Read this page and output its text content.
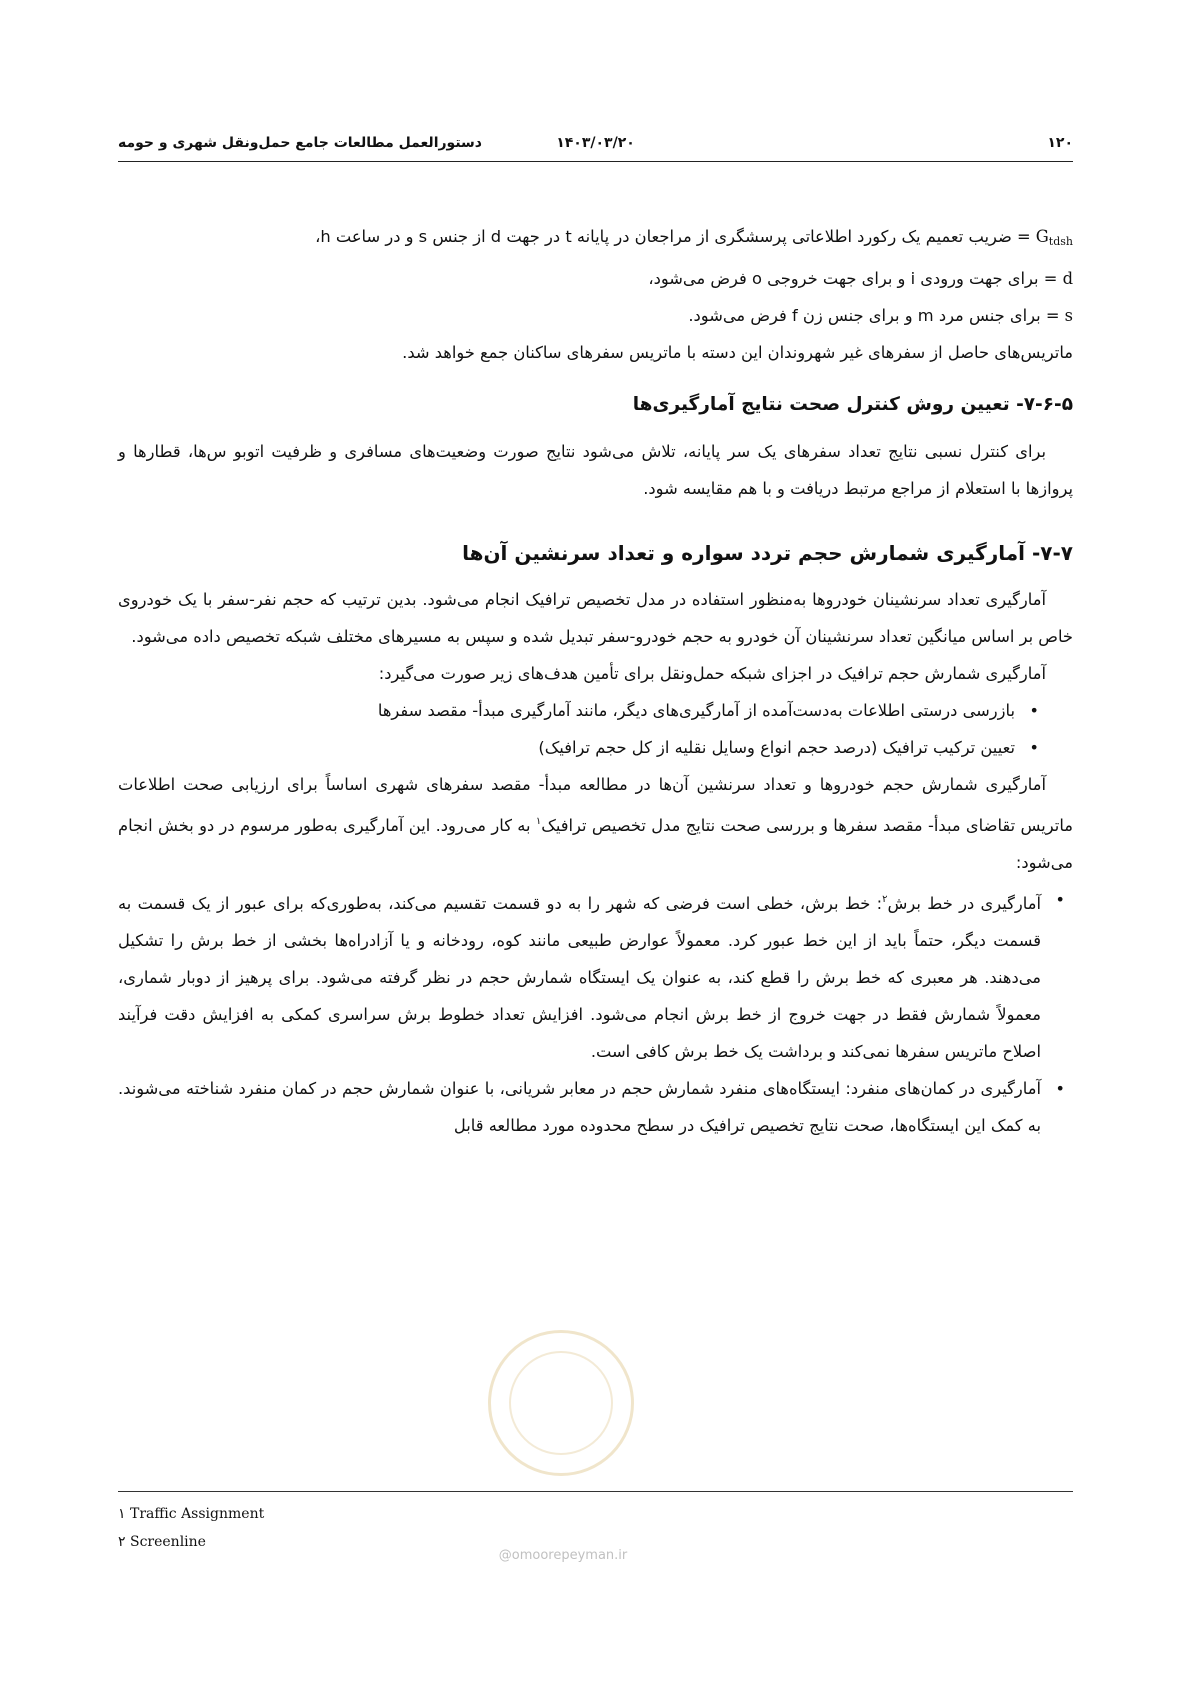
۱۲۰
۱۴۰۳/۰۳/۲۰
دستورالعمل مطالعات جامع حمل‌ونقل شهری و حومه

$G_{tdsh}$ = ضریب تعمیم یک رکورد اطلاعاتی پرسشگری از مراجعان در پایانه t در جهت d از جنس s و در ساعت h،

d = برای جهت ورودی i و برای جهت خروجی o فرض می‌شود،

s = برای جنس مرد m و برای جنس زن f فرض می‌شود.

ماتریس‌های حاصل از سفرهای غیر شهروندان این دسته با ماتریس سفرهای ساکنان جمع خواهد شد.

۷-۶-۵- تعیین روش کنترل صحت نتایج آمارگیری‌ها

برای کنترل نسبی نتایج تعداد سفرهای یک سر پایانه، تلاش می‌شود نتایج صورت وضعیت‌های مسافری و ظرفیت اتوبو س‌ها، قطارها و پروازها با استعلام از مراجع مرتبط دریافت و با هم مقایسه شود.

۷-۷- آمارگیری شمارش حجم تردد سواره و تعداد سرنشین آن‌ها

آمارگیری تعداد سرنشینان خودروها به‌منظور استفاده در مدل تخصیص ترافیک انجام می‌شود. بدین ترتیب که حجم نفر-سفر با یک خودروی خاص بر اساس میانگین تعداد سرنشینان آن خودرو به حجم خودرو-سفر تبدیل شده و سپس به مسیرهای مختلف شبکه تخصیص داده می‌شود.

آمارگیری شمارش حجم ترافیک در اجزای شبکه حمل‌ونقل برای تأمین هدف‌های زیر صورت می‌گیرد:

• بازرسی درستی اطلاعات به‌دست‌آمده از آمارگیری‌های دیگر، مانند آمارگیری مبدأ- مقصد سفرها
• تعیین ترکیب ترافیک (درصد حجم انواع وسایل نقلیه از کل حجم ترافیک)

آمارگیری شمارش حجم خودروها و تعداد سرنشین آن‌ها در مطالعه مبدأ- مقصد سفرهای شهری اساساً برای ارزیابی صحت اطلاعات ماتریس تقاضای مبدأ- مقصد سفرها و بررسی صحت نتایج مدل تخصیص ترافیک$^۱$ به کار می‌رود. این آمارگیری به‌طور مرسوم در دو بخش انجام می‌شود:

• آمارگیری در خط برش$^۲$: خط برش، خطی است فرضی که شهر را به دو قسمت تقسیم می‌کند، به‌طوری‌که برای عبور از یک قسمت به قسمت دیگر، حتماً باید از این خط عبور کرد. معمولاً عوارض طبیعی مانند کوه، رودخانه و یا آزادراه‌ها بخشی از خط برش را تشکیل می‌دهند. هر معبری که خط برش را قطع کند، به عنوان یک ایستگاه شمارش حجم در نظر گرفته می‌شود. برای پرهیز از دوبار شماری، معمولاً شمارش فقط در جهت خروج از خط برش انجام می‌شود. افزایش تعداد خطوط برش سراسری کمکی به افزایش دقت فرآیند اصلاح ماتریس سفرها نمی‌کند و برداشت یک خط برش کافی است.
• آمارگیری در کمان‌های منفرد: ایستگاه‌های منفرد شمارش حجم در معابر شریانی، با عنوان شمارش حجم در کمان منفرد شناخته می‌شوند. به کمک این ایستگاه‌ها، صحت نتایج تخصیص ترافیک در سطح محدوده مورد مطالعه قابل
۱ Traffic Assignment
۲ Screenline
@omoorepeyman.ir
